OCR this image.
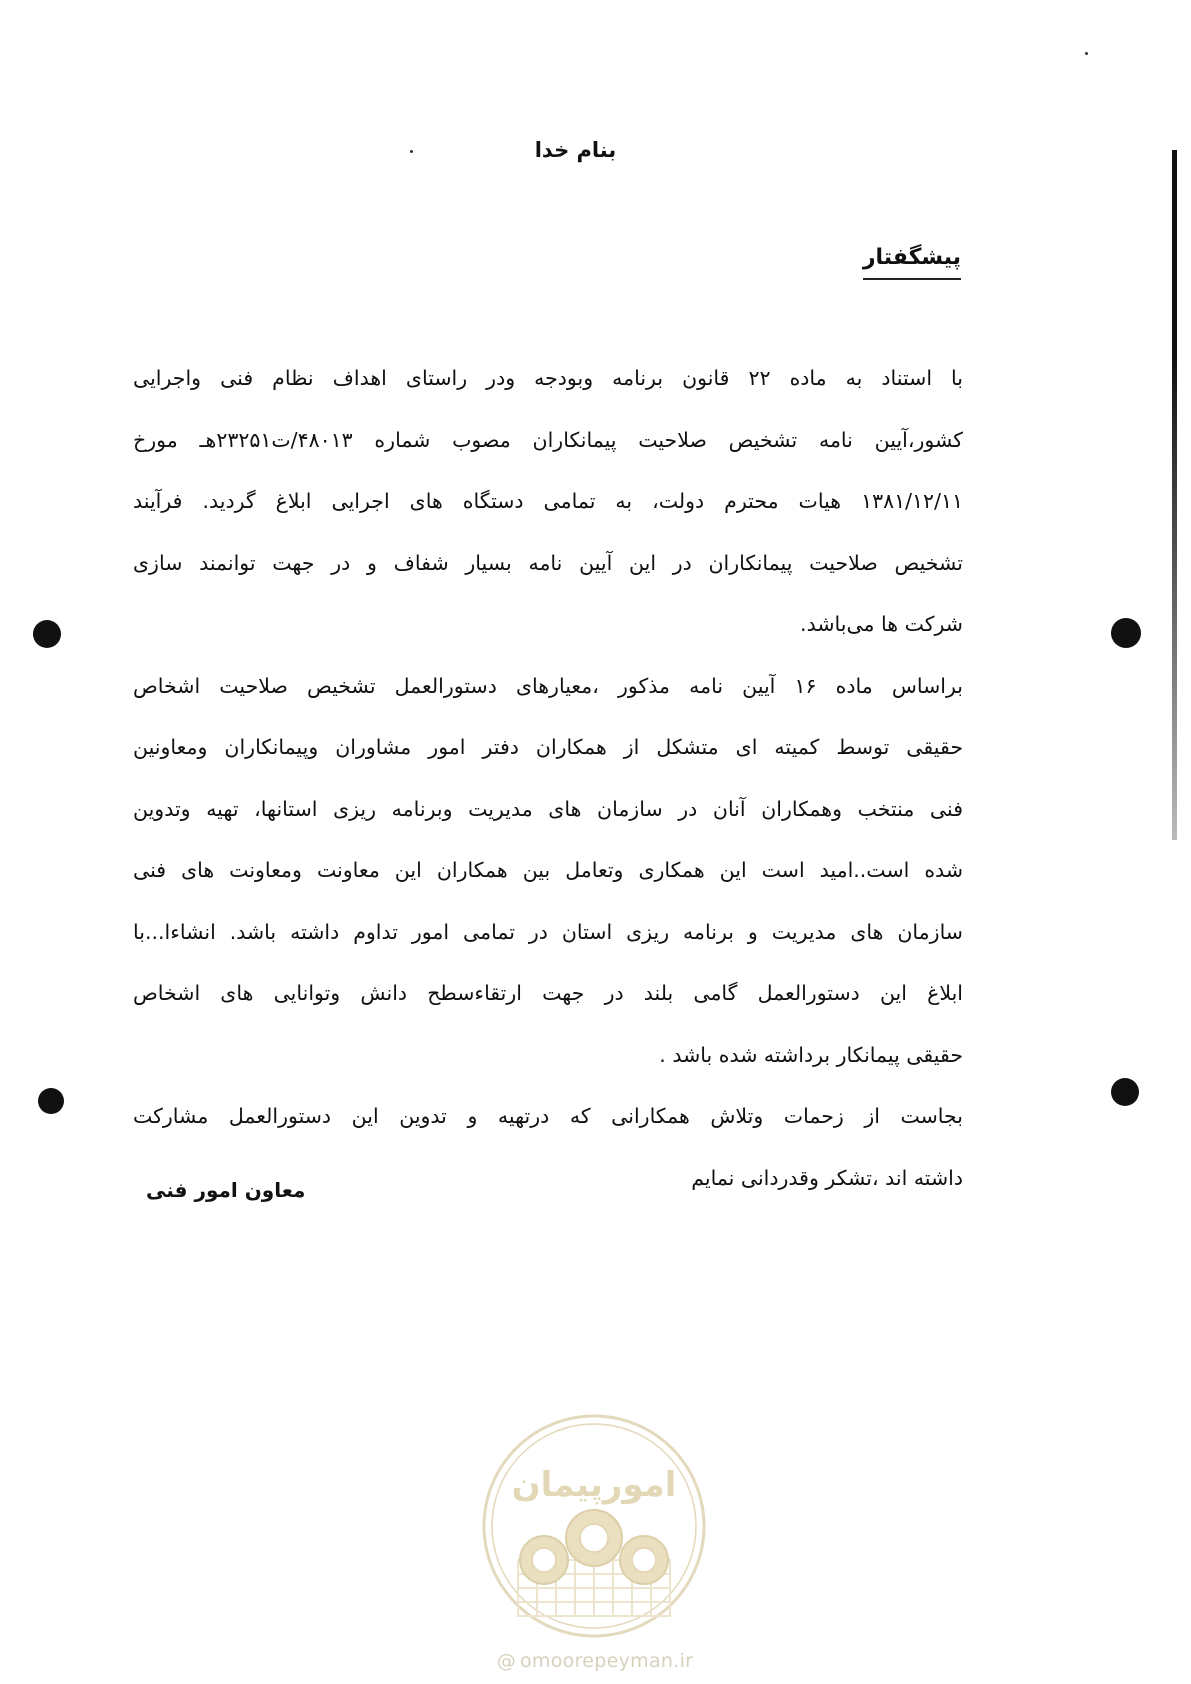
بنام خدا
پیشگفتار

با استناد به ماده ۲۲ قانون برنامه وبودجه ودر راستای اهداف نظام فنی واجرایی

کشور،آیین نامه تشخیص صلاحیت پیمانکاران مصوب شماره ۴۸۰۱۳/ت۲۳۲۵۱هـ مورخ

۱۳۸۱/۱۲/۱۱ هیات محترم دولت، به تمامی دستگاه های اجرایی ابلاغ گردید. فرآیند

تشخیص صلاحیت پیمانکاران در این آیین نامه بسیار شفاف و در جهت توانمند سازی

شرکت ها می‌باشد.

براساس ماده ۱۶ آیین نامه مذکور ،معیارهای دستورالعمل تشخیص صلاحیت اشخاص

حقیقی توسط کمیته ای متشکل از همکاران دفتر امور مشاوران وپیمانکاران ومعاونین

فنی منتخب وهمکاران آنان در سازمان های مدیریت وبرنامه ریزی استانها، تهیه وتدوین

شده است..امید است این همکاری وتعامل بین همکاران این معاونت ومعاونت های فنی

سازمان های مدیریت و برنامه ریزی استان در تمامی امور تداوم داشته باشد. انشاءا...با

ابلاغ این دستورالعمل گامی بلند در جهت ارتقاءسطح دانش وتوانایی های اشخاص

حقیقی پیمانکار برداشته شده باشد .

بجاست از زحمات وتلاش همکارانی که درتهیه و تدوین این دستورالعمل مشارکت

داشته اند ،تشکر وقدردانی نمایم

معاون امور فنی
امورپیمان
@ omoorepeyman.ir
